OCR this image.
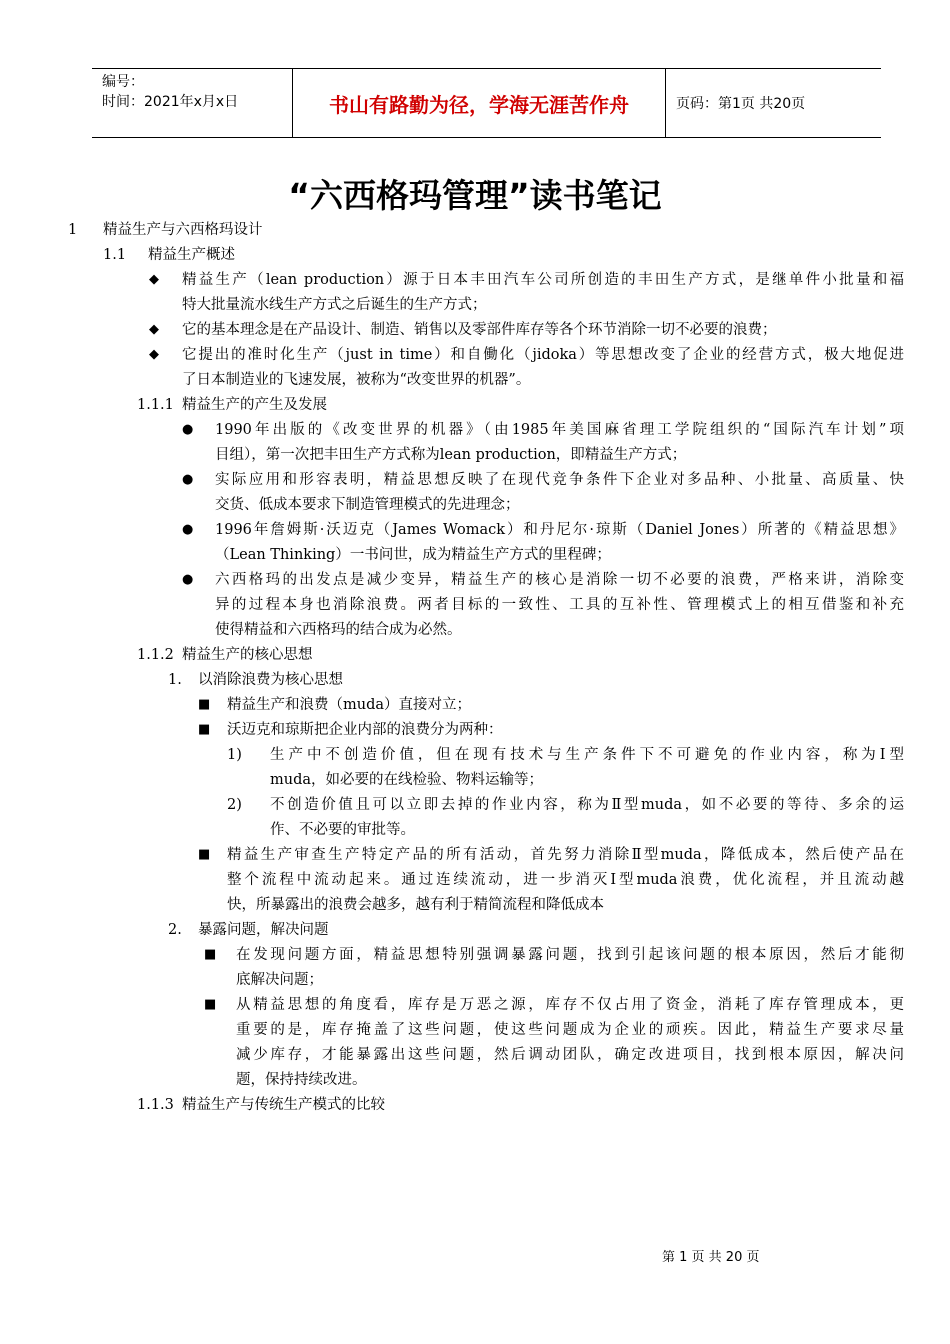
编号：
时间：2021年x月x日	书山有路勤为径，学海无涯苦作舟	页码：第1页 共20页
“六西格玛管理”读书笔记
1 精益生产与六西格玛设计
1.1 精益生产概述
◆ 精益生产（lean production）源于日本丰田汽车公司所创造的丰田生产方式，是继单件小批量和福
特大批量流水线生产方式之后诞生的生产方式；
◆ 它的基本理念是在产品设计、制造、销售以及零部件库存等各个环节消除一切不必要的浪费；
◆ 它提出的准时化生产（just in time）和自働化（jidoka）等思想改变了企业的经营方式，极大地促进
了日本制造业的飞速发展，被称为“改变世界的机器”。
1.1.1 精益生产的产生及发展
● 1990年出版的《改变世界的机器》（由1985年美国麻省理工学院组织的“国际汽车计划”项
目组），第一次把丰田生产方式称为lean production，即精益生产方式；
● 实际应用和形容表明，精益思想反映了在现代竞争条件下企业对多品种、小批量、高质量、快
交货、低成本要求下制造管理模式的先进理念；
● 1996年詹姆斯·沃迈克（James Womack）和丹尼尔·琼斯（Daniel Jones）所著的《精益思想》
（Lean Thinking）一书问世，成为精益生产方式的里程碑；
● 六西格玛的出发点是减少变异，精益生产的核心是消除一切不必要的浪费，严格来讲，消除变
异的过程本身也消除浪费。两者目标的一致性、工具的互补性、管理模式上的相互借鉴和补充
使得精益和六西格玛的结合成为必然。
1.1.2 精益生产的核心思想
1. 以消除浪费为核心思想
■ 精益生产和浪费（muda）直接对立；
■ 沃迈克和琼斯把企业内部的浪费分为两种：
1) 生产中不创造价值，但在现有技术与生产条件下不可避免的作业内容，称为Ⅰ型
muda，如必要的在线检验、物料运输等；
2) 不创造价值且可以立即去掉的作业内容，称为Ⅱ型muda，如不必要的等待、多余的运
作、不必要的审批等。
■ 精益生产审查生产特定产品的所有活动，首先努力消除Ⅱ型muda，降低成本，然后使产品在
整个流程中流动起来。通过连续流动，进一步消灭Ⅰ型muda浪费，优化流程，并且流动越
快，所暴露出的浪费会越多，越有利于精简流程和降低成本
2. 暴露问题，解决问题
■ 在发现问题方面，精益思想特别强调暴露问题，找到引起该问题的根本原因，然后才能彻
底解决问题；
■ 从精益思想的角度看，库存是万恶之源，库存不仅占用了资金，消耗了库存管理成本，更
重要的是，库存掩盖了这些问题，使这些问题成为企业的顽疾。因此，精益生产要求尽量
减少库存，才能暴露出这些问题，然后调动团队，确定改进项目，找到根本原因，解决问
题，保持持续改进。
1.1.3 精益生产与传统生产模式的比较
第 1 页 共 20 页
